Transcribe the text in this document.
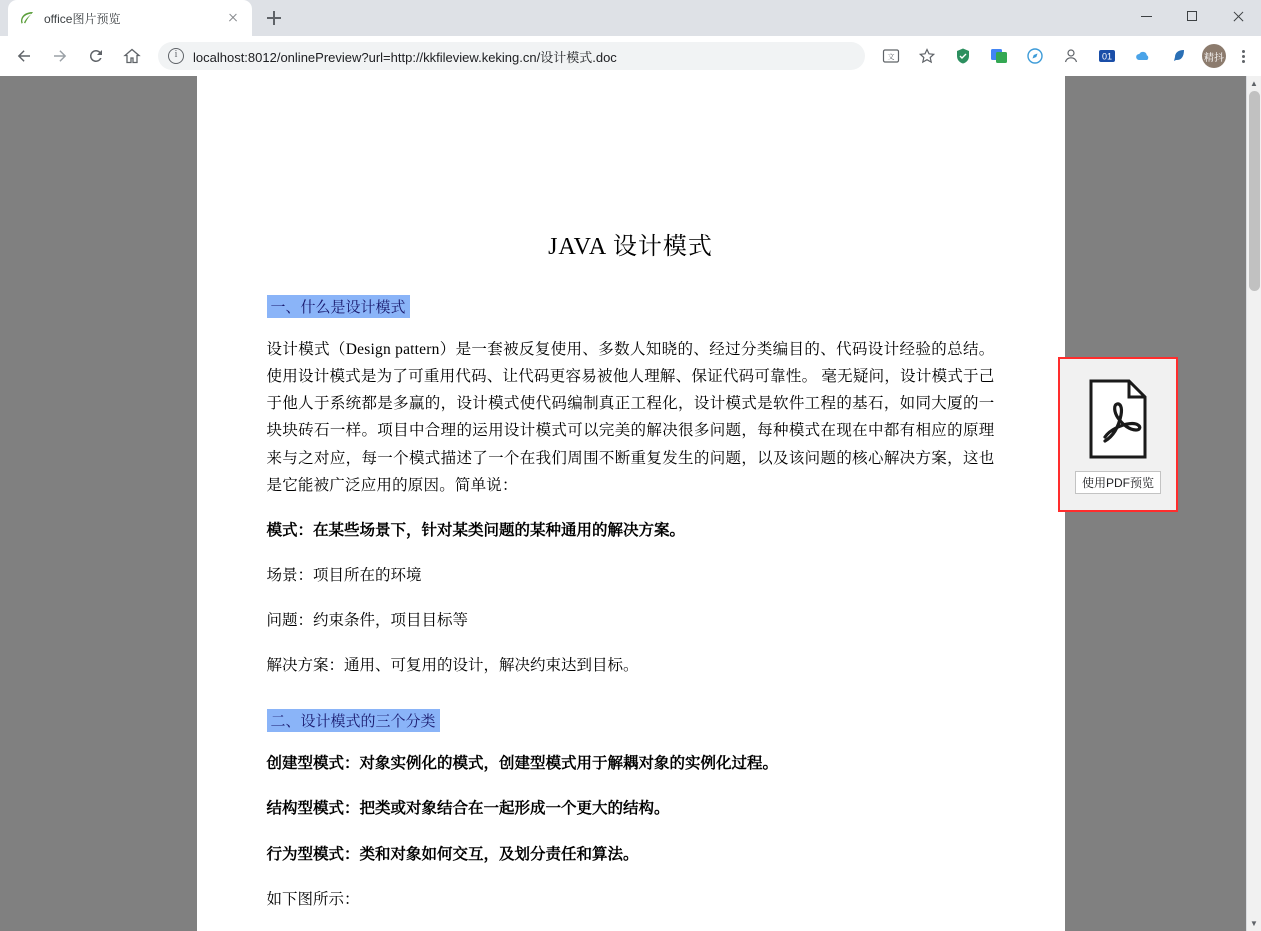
office图片预览
i
localhost:8012/onlinePreview?url=http://kkfileview.keking.cn/设计模式.doc	文	01	精抖
JAVA 设计模式
一、什么是设计模式

设计模式（Design pattern）是一套被反复使用、多数人知晓的、经过分类编目的、代码设计经验的总结。使用设计模式是为了可重用代码、让代码更容易被他人理解、保证代码可靠性。 毫无疑问，设计模式于己于他人于系统都是多赢的，设计模式使代码编制真正工程化，设计模式是软件工程的基石，如同大厦的一块块砖石一样。项目中合理的运用设计模式可以完美的解决很多问题，每种模式在现在中都有相应的原理来与之对应，每一个模式描述了一个在我们周围不断重复发生的问题，以及该问题的核心解决方案，这也是它能被广泛应用的原因。简单说：

模式：在某些场景下，针对某类问题的某种通用的解决方案。

场景：项目所在的环境

问题：约束条件，项目目标等

解决方案：通用、可复用的设计，解决约束达到目标。

二、设计模式的三个分类

创建型模式：对象实例化的模式，创建型模式用于解耦对象的实例化过程。

结构型模式：把类或对象结合在一起形成一个更大的结构。

行为型模式：类和对象如何交互，及划分责任和算法。

如下图所示：

使用PDF预览
▲
▼
